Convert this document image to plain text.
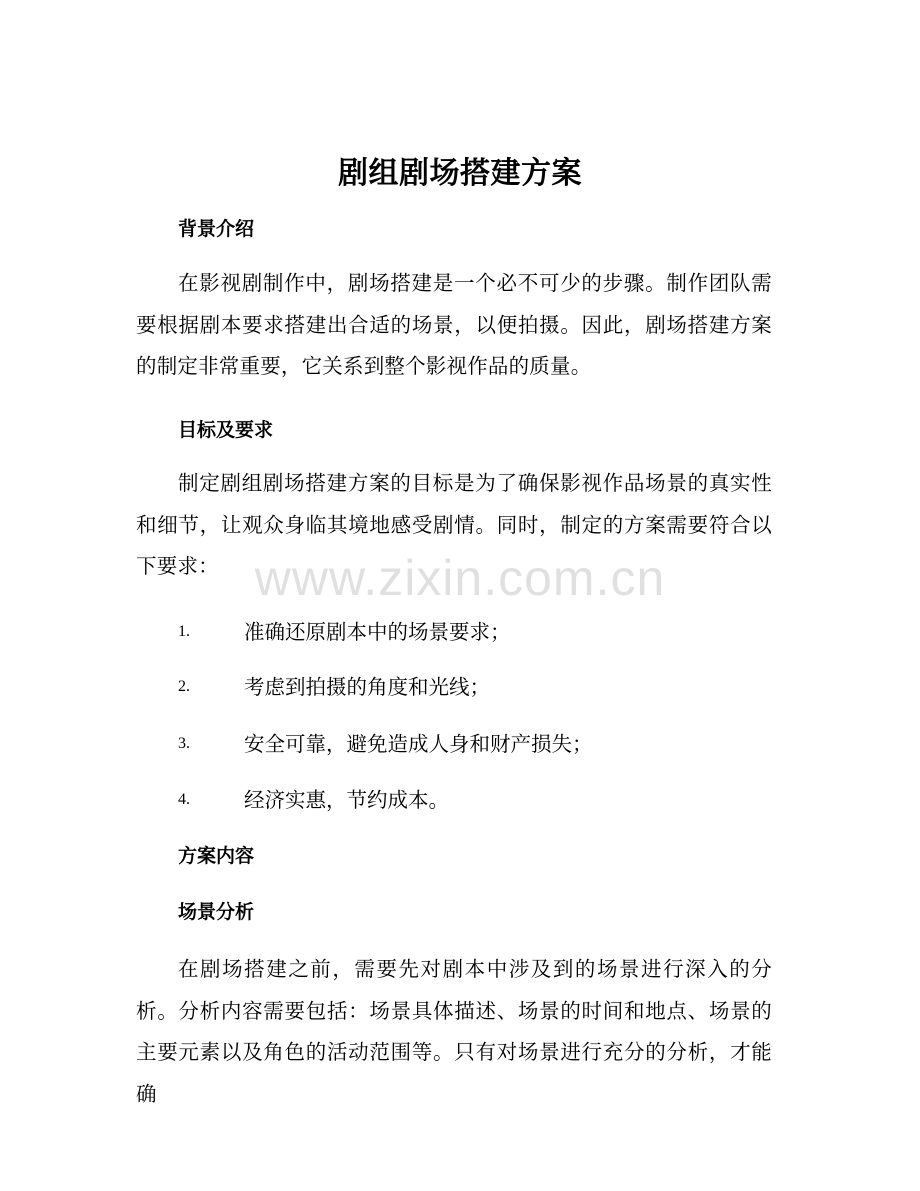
剧组剧场搭建方案
背景介绍

在影视剧制作中，剧场搭建是一个必不可少的步骤。制作团队需要根据剧本要求搭建出合适的场景，以便拍摄。因此，剧场搭建方案的制定非常重要，它关系到整个影视作品的质量。

目标及要求

制定剧组剧场搭建方案的目标是为了确保影视作品场景的真实性和细节，让观众身临其境地感受剧情。同时，制定的方案需要符合以下要求：

1.	准确还原剧本中的场景要求；
2.	考虑到拍摄的角度和光线；
3.	安全可靠，避免造成人身和财产损失；
4.	经济实惠，节约成本。
方案内容
场景分析

在剧场搭建之前，需要先对剧本中涉及到的场景进行深入的分析。分析内容需要包括：场景具体描述、场景的时间和地点、场景的主要元素以及角色的活动范围等。只有对场景进行充分的分析，才能确

www.zixin.com.cn
